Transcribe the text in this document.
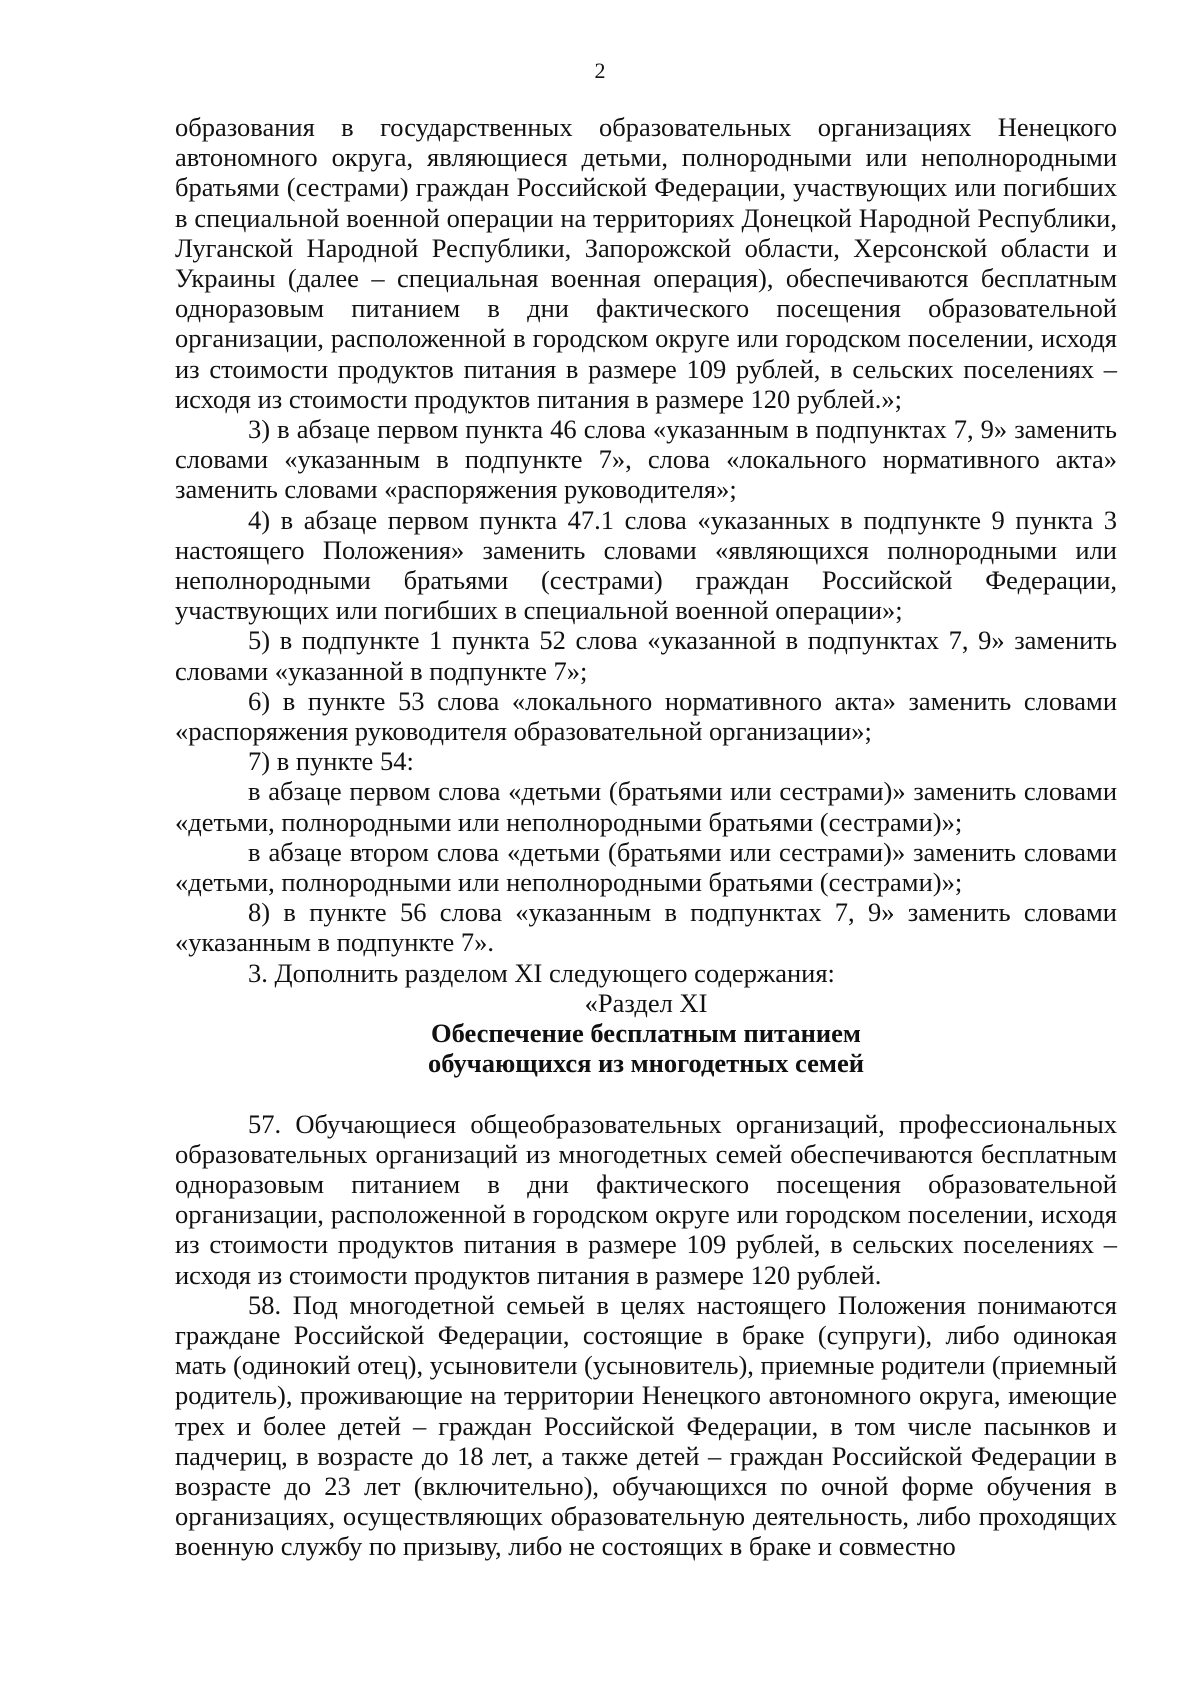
2

образования в государственных образовательных организациях Ненецкого автономного округа, являющиеся детьми, полнородными или неполнородными братьями (сестрами) граждан Российской Федерации, участвующих или погибших в специальной военной операции на территориях Донецкой Народной Республики, Луганской Народной Республики, Запорожской области, Херсонской области и Украины (далее – специальная военная операция), обеспечиваются бесплатным одноразовым питанием в дни фактического посещения образовательной организации, расположенной в городском округе или городском поселении, исходя из стоимости продуктов питания в размере 109 рублей, в сельских поселениях – исходя из стоимости продуктов питания в размере 120 рублей.»;

3) в абзаце первом пункта 46 слова «указанным в подпунктах 7, 9» заменить словами «указанным в подпункте 7», слова «локального нормативного акта» заменить словами «распоряжения руководителя»;

4) в абзаце первом пункта 47.1 слова «указанных в подпункте 9 пункта 3 настоящего Положения» заменить словами «являющихся полнородными или неполнородными братьями (сестрами) граждан Российской Федерации, участвующих или погибших в специальной военной операции»;

5) в подпункте 1 пункта 52 слова «указанной в подпунктах 7, 9» заменить словами «указанной в подпункте 7»;

6) в пункте 53 слова «локального нормативного акта» заменить словами «распоряжения руководителя образовательной организации»;

7) в пункте 54:

в абзаце первом слова «детьми (братьями или сестрами)» заменить словами «детьми, полнородными или неполнородными братьями (сестрами)»;

в абзаце втором слова «детьми (братьями или сестрами)» заменить словами «детьми, полнородными или неполнородными братьями (сестрами)»;

8) в пункте 56 слова «указанным в подпунктах 7, 9» заменить словами «указанным в подпункте 7».

3. Дополнить разделом XI следующего содержания:

«Раздел XI

Обеспечение бесплатным питанием

обучающихся из многодетных семей

57. Обучающиеся общеобразовательных организаций, профессиональных образовательных организаций из многодетных семей обеспечиваются бесплатным одноразовым питанием в дни фактического посещения образовательной организации, расположенной в городском округе или городском поселении, исходя из стоимости продуктов питания в размере 109 рублей, в сельских поселениях – исходя из стоимости продуктов питания в размере 120 рублей.

58. Под многодетной семьей в целях настоящего Положения понимаются граждане Российской Федерации, состоящие в браке (супруги), либо одинокая мать (одинокий отец), усыновители (усыновитель), приемные родители (приемный родитель), проживающие на территории Ненецкого автономного округа, имеющие трех и более детей – граждан Российской Федерации, в том числе пасынков и падчериц, в возрасте до 18 лет, а также детей – граждан Российской Федерации в возрасте до 23 лет (включительно), обучающихся по очной форме обучения в организациях, осуществляющих образовательную деятельность, либо проходящих военную службу по призыву, либо не состоящих в браке и совместно
